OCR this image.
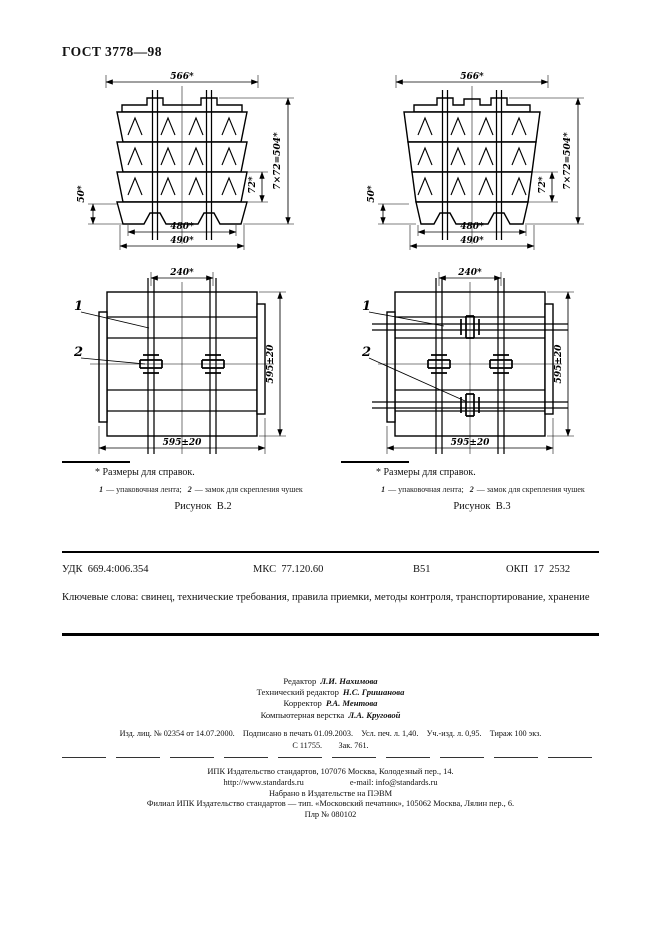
ГОСТ 3778—98
566*
480*
490*
50*
72* 7×72=504*
566*
480*
490*
50*
72* 7×72=504*
240*
595±20
595±20
1
2
240*
595±20
595±20
1
2
* Размеры для справок.	* Размеры для справок.
1 — упаковочная лента; 2 — замок для скрепления чушек	1 — упаковочная лента; 2 — замок для скрепления чушек
Рисунок  В.2	Рисунок  В.3
УДК  669.4:006.354	МКС  77.120.60	В51	ОКП  17  2532
Ключевые слова: свинец, технические требования, правила приемки, методы контроля, транспортирование, хранение
Редактор Л.И. Нахимова
Технический редактор Н.С. Гришанова
Корректор Р.А. Ментова
Компьютерная верстка Л.А. Круговой
Изд. лиц. № 02354 от 14.07.2000.    Подписано в печать 01.09.2003.    Усл. печ. л. 1,40.    Уч.-изд. л. 0,95.    Тираж 100 экз.
С 11755.        Зак. 761.
ИПК Издательство стандартов, 107076 Москва, Колодезный пер., 14.
http://www.standards.ru	e-mail: info@standards.ru
Набрано в Издательстве на ПЭВМ
Филиал ИПК Издательство стандартов — тип. «Московский печатник», 105062 Москва, Лялин пер., 6.
Плр № 080102
